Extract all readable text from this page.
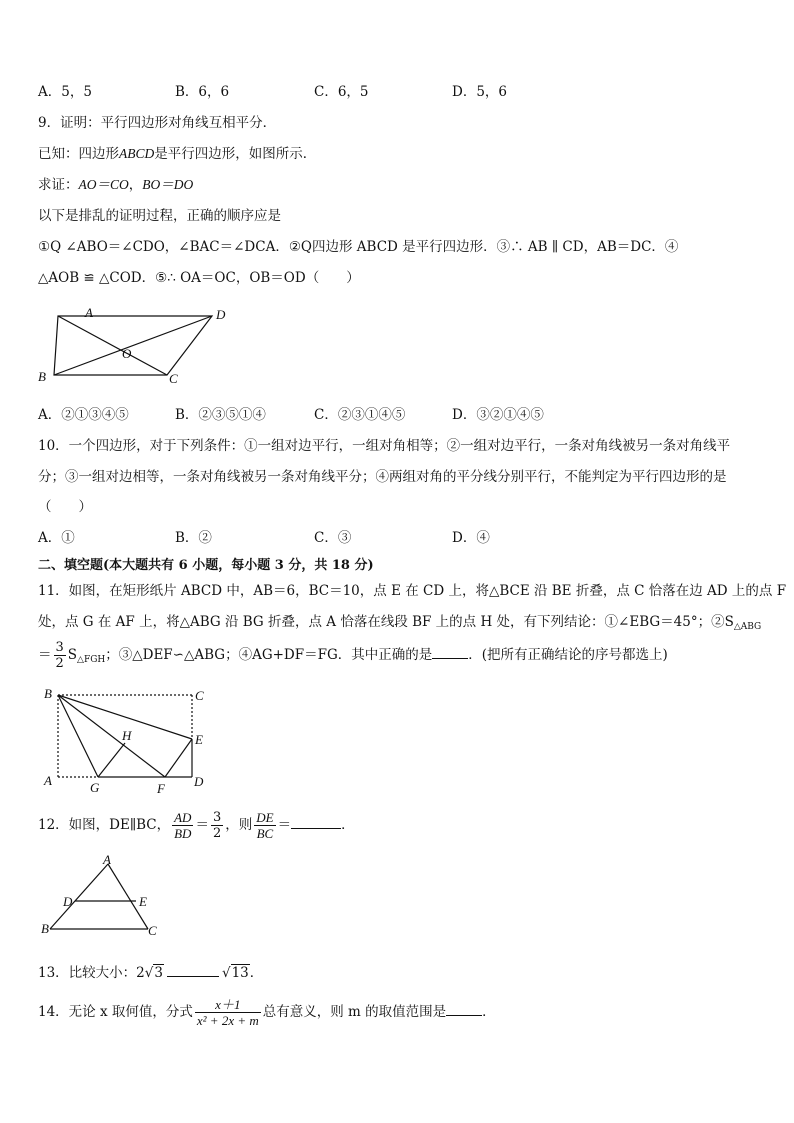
A．5，5	B．6，6	C．6，5	D．5，6
9．证明：平行四边形对角线互相平分．
已知：四边形ABCD是平行四边形，如图所示．
求证：AO＝CO，BO＝DO
以下是排乱的证明过程，正确的顺序应是
①Q ∠ABO＝∠CDO，∠BAC＝∠DCA．②Q四边形 ABCD 是平行四边形．③∴ AB ∥ CD，AB＝DC．④
△AOB ≌ △COD．⑤∴ OA＝OC，OB＝OD（　　）
A	D
B	C
O
A．②①③④⑤	B．②③⑤①④	C．②③①④⑤	D．③②①④⑤
10．一个四边形，对于下列条件：①一组对边平行，一组对角相等；②一组对边平行，一条对角线被另一条对角线平
分；③一组对边相等，一条对角线被另一条对角线平分；④两组对角的平分线分别平行，不能判定为平行四边形的是
（　　）
A．①	B．②	C．③	D．④
二、填空题(本大题共有 6 小题，每小题 3 分，共 18 分)
11．如图，在矩形纸片 ABCD 中，AB＝6，BC＝10，点 E 在 CD 上，将△BCE 沿 BE 折叠，点 C 恰落在边 AD 上的点 F
处，点 G 在 AF 上，将△ABG 沿 BG 折叠，点 A 恰落在线段 BF 上的点 H 处，有下列结论：①∠EBG＝45°；$②S_{\triangle ABG}$
＝ $\frac{3}{2} S_{\triangle FGH}$；③△DEF∽△ABG；④AG+DF＝FG．其中正确的是	．(把所有正确结论的序号都选上)
B	C
E
A	D
G	F
H
12．如图，DE∥BC， $\frac{AD}{BD} = \frac{3}{2}$ ，则 $\frac{DE}{BC}$ ＝	．
A
D	E
B	C
13．比较大小：2√3	√13．
14．无论 x 取何值，分式 $\frac{x+1}{\text{x² + 2x + m}}$ 总有意义，则 m 的取值范围是	．
